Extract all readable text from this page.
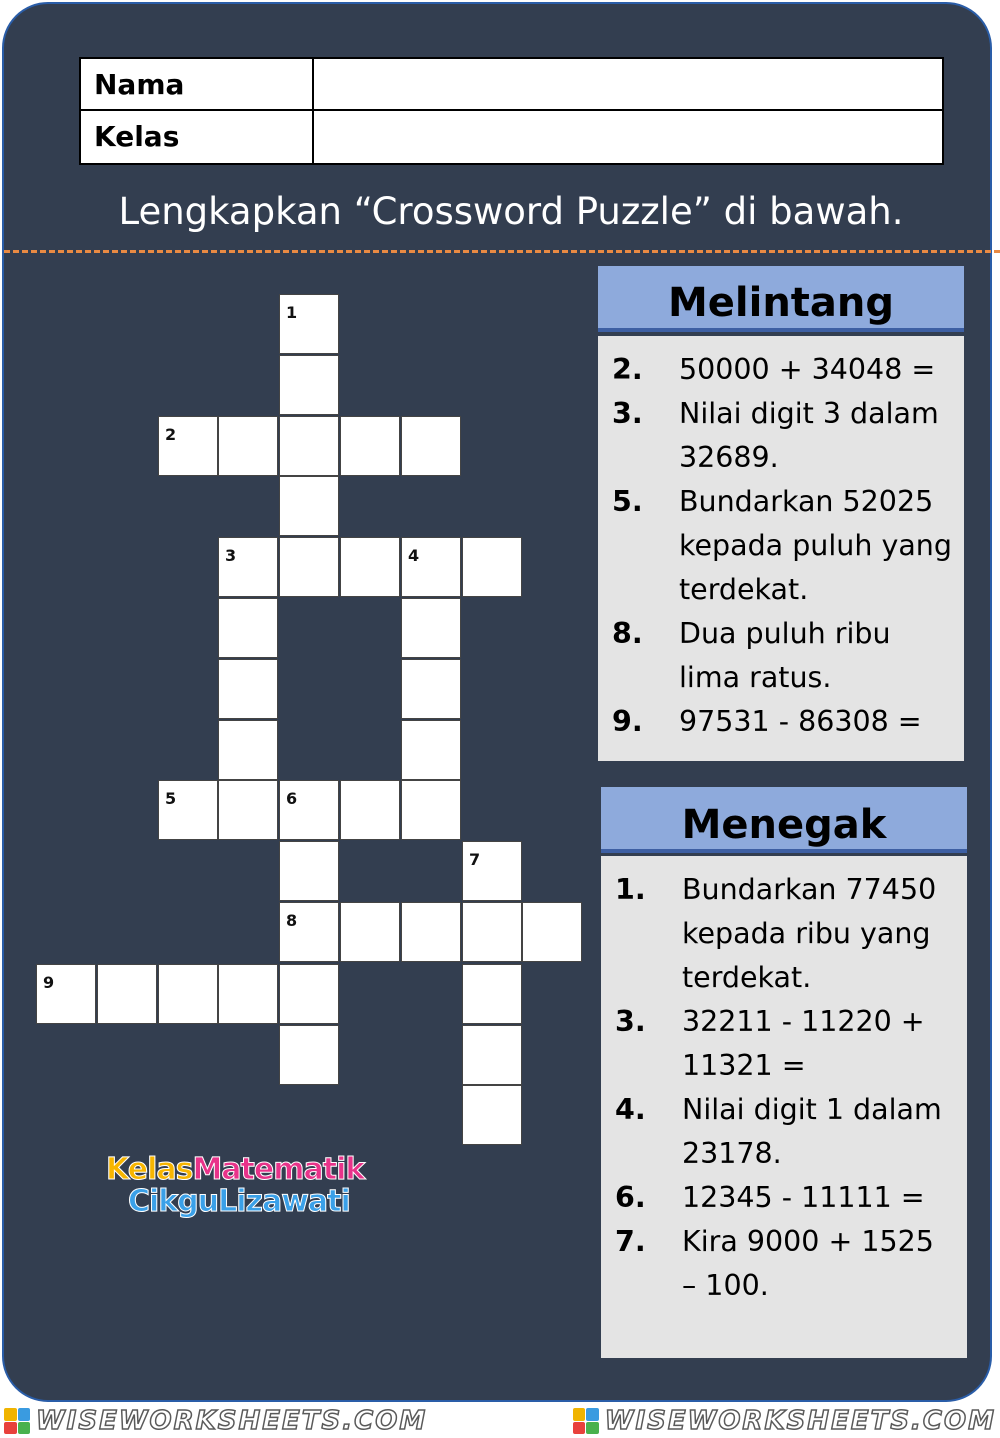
Nama
Kelas
Lengkapkan “Crossword Puzzle” di bawah.
1
2
3	4
5	6
7
8
9
Melintang
2. 50000 + 34048 =
3. Nilai digit 3 dalam 32689.
5. Bundarkan 52025 kepada puluh yang terdekat.
8. Dua puluh ribu lima ratus.
9. 97531 - 86308 =
Menegak
1. Bundarkan 77450 kepada ribu yang terdekat.
3. 32211 - 11220 + 11321 =
4. Nilai digit 1 dalam 23178.
6. 12345 - 11111 =
7. Kira 9000 + 1525 – 100.
KelasMatematik
CikguLizawati
WISEWORKSHEETS.COM	WISEWORKSHEETS.COM
